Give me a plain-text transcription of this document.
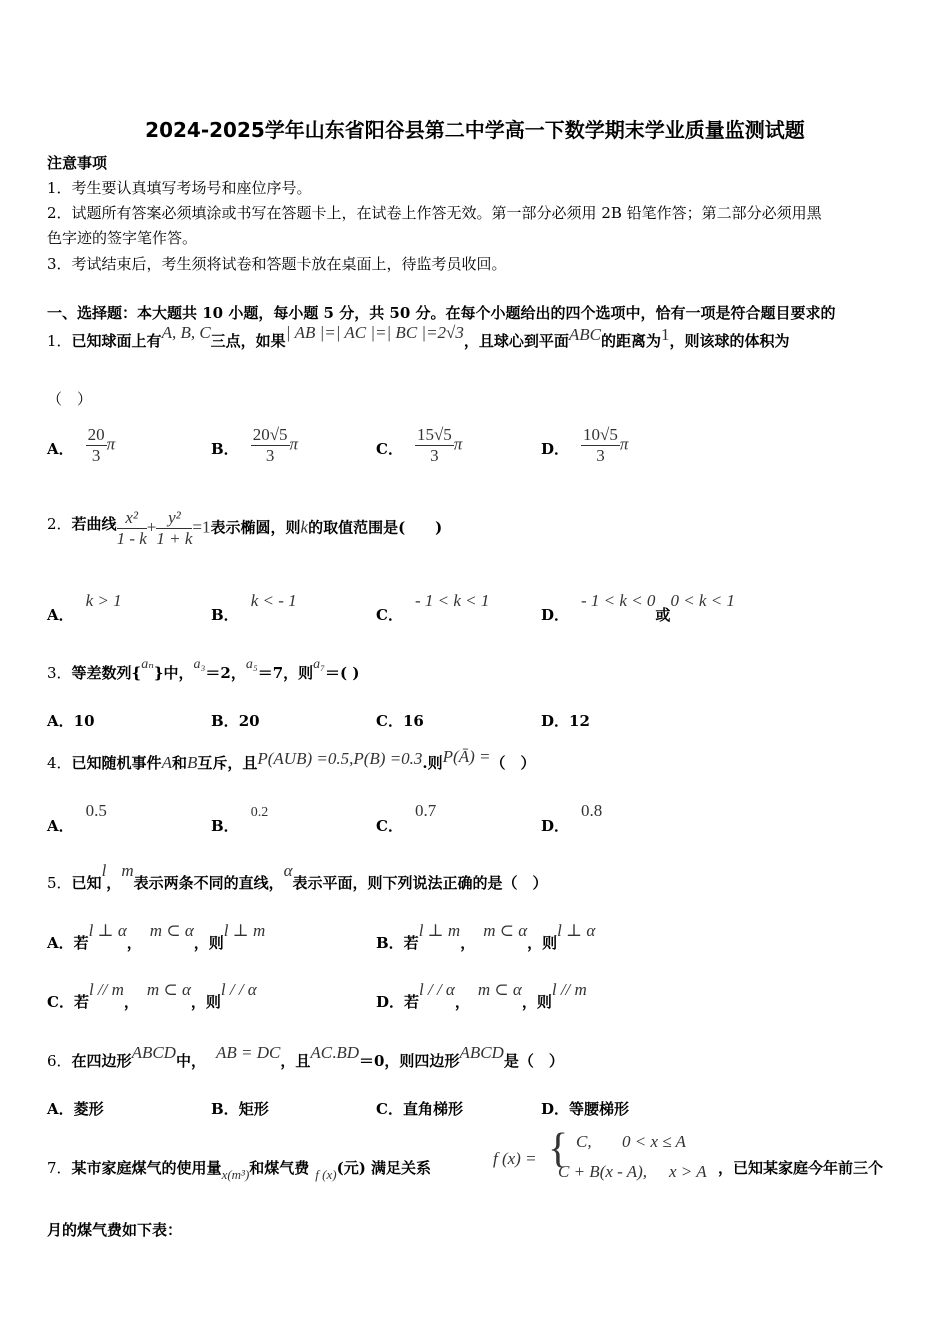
2024-2025学年山东省阳谷县第二中学高一下数学期末学业质量监测试题
注意事项
1．考生要认真填写考场号和座位序号。
2．试题所有答案必须填涂或书写在答题卡上，在试卷上作答无效。第一部分必须用 2B 铅笔作答；第二部分必须用黑
色字迹的签字笔作答。
3．考试结束后，考生须将试卷和答题卡放在桌面上，待监考员收回。
一、选择题：本大题共 10 小题，每小题 5 分，共 50 分。在每个小题给出的四个选项中，恰有一项是符合题目要求的
1．已知球面上有A, B, C三点，如果| AB |=| AC |=| BC |=2√3，且球心到平面ABC的距离为1，则该球的体积为
（　）
A． $\frac{20}{3}$ π	B． $\frac{20√5}{3}$ π	C． $\frac{15√5}{3}$ π	D． $\frac{10√5}{3}$ π
2．若曲线 $\frac{\text{x²}}{1 - k} + \frac{\text{y²}}{1 + k} =1$表示椭圆，则k的取值范围是(　　)
A．k > 1
B．k < - 1
C．- 1 < k < 1
D．- 1 < k < 0或0 < k < 1
3．等差数列{aₙ}中，a₃＝2，a₅＝7，则a₇＝( )
A．10	B．20	C．16	D．12
4．已知随机事件A和B互斥，且P(AUB) =0.5,P(B) =0.3.则P(Ā) =（　）
A．0.5
B．0.2
C．0.7
D．0.8
5．已知l，m表示两条不同的直线，α表示平面，则下列说法正确的是（　）
A．若l ⊥ α，m ⊂ α，则l ⊥ m
B．若l ⊥ m，m ⊂ α，则l ⊥ α
C．若l // m，m ⊂ α，则l / / α
D．若l / / α，m ⊂ α，则l // m
6．在四边形ABCD中， AB = DC，且AC.BD＝0，则四边形ABCD是（　）
A．菱形	B．矩形	C．直角梯形	D．等腰梯形
7．某市家庭煤气的使用量x(m³)和煤气费 f (x)(元) 满足关系	f (x) = { C, 0 < x ≤ A
C + B(x - A), x > A ，已知某家庭今年前三个
月的煤气费如下表：
